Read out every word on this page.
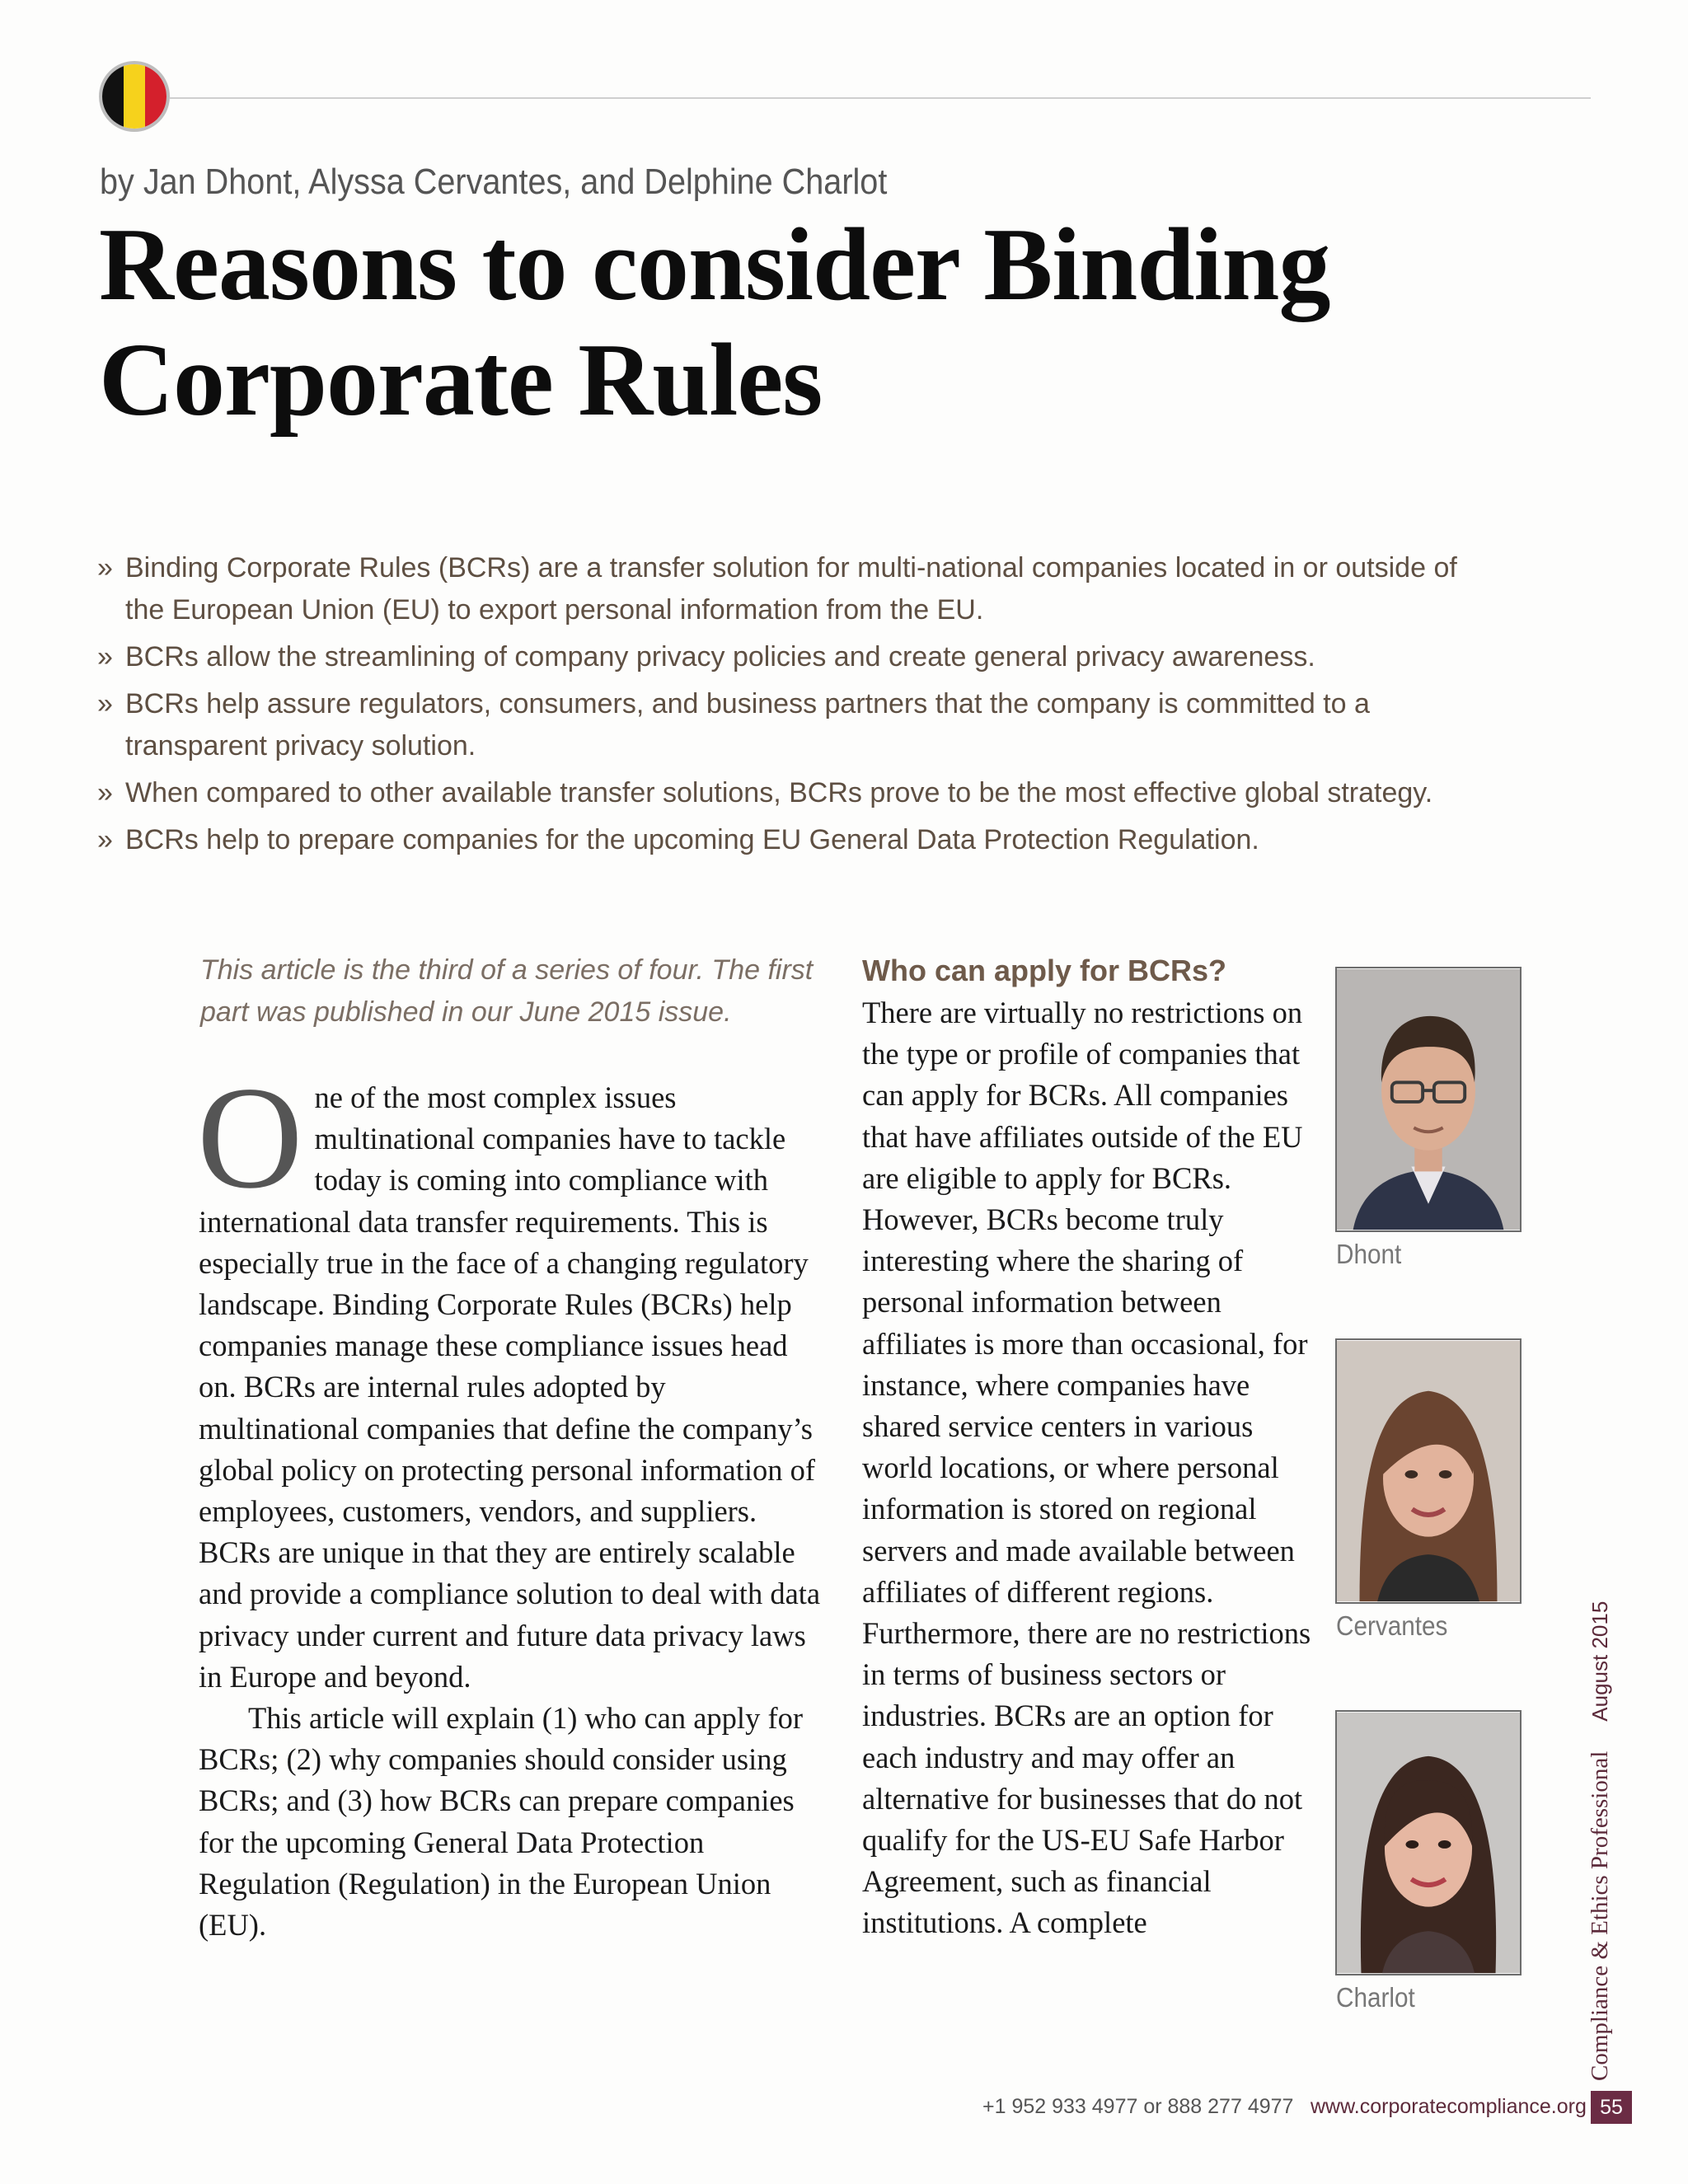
by Jan Dhont, Alyssa Cervantes, and Delphine Charlot

Reasons to consider Binding Corporate Rules
» Binding Corporate Rules (BCRs) are a transfer solution for multi-national companies located in or outside of the European Union (EU) to export personal information from the EU.
» BCRs allow the streamlining of company privacy policies and create general privacy awareness.
» BCRs help assure regulators, consumers, and business partners that the company is committed to a transparent privacy solution.
» When compared to other available transfer solutions, BCRs prove to be the most effective global strategy.
» BCRs help to prepare companies for the upcoming EU General Data Protection Regulation.

This article is the third of a series of four. The first part was published in our June 2015 issue.

One of the most complex issues multinational companies have to tackle today is coming into compliance with international data transfer requirements. This is especially true in the face of a changing regulatory landscape. Binding Corporate Rules (BCRs) help companies manage these compliance issues head on. BCRs are internal rules adopted by multinational companies that define the company’s global policy on protecting personal information of employees, customers, vendors, and suppliers. BCRs are unique in that they are entirely scalable and provide a compliance solution to deal with data privacy under current and future data privacy laws in Europe and beyond.

This article will explain (1) who can apply for BCRs; (2) why companies should consider using BCRs; and (3) how BCRs can prepare companies for the upcoming General Data Protection Regulation (Regulation) in the European Union (EU).

Who can apply for BCRs?

There are virtually no restrictions on the type or profile of companies that can apply for BCRs. All companies that have affiliates outside of the EU are eligible to apply for BCRs. However, BCRs become truly interesting where the sharing of personal information between affiliates is more than occasional, for instance, where companies have shared service centers in various world locations, or where personal information is stored on regional servers and made available between affiliates of different regions. Furthermore, there are no restrictions in terms of business sectors or industries. BCRs are an option for each industry and may offer an alternative for businesses that do not qualify for the US-EU Safe Harbor Agreement, such as financial institutions. A complete

Dhont
Cervantes
Charlot	Compliance & Ethics ProfessionalAugust 2015
+1 952 933 4977 or 888 277 4977 www.corporatecompliance.org 55
